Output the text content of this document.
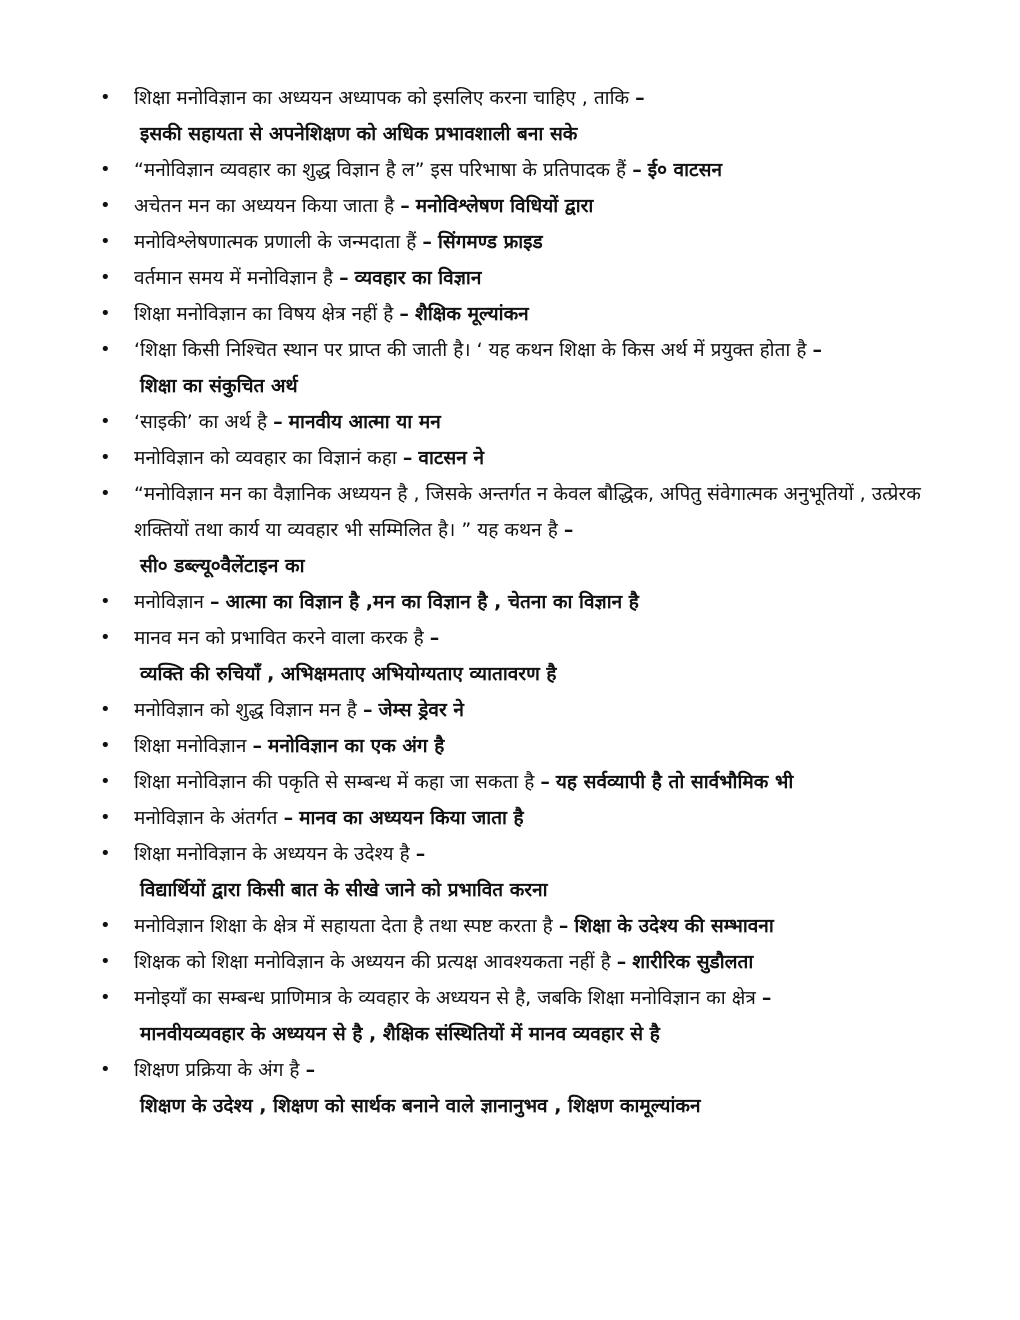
• शिक्षा मनोविज्ञान का अध्ययन अध्यापक को इसलिए करना चाहिए , ताकि –
इसकी सहायता से अपनेशिक्षण को अधिक प्रभावशाली बना सके
• “मनोविज्ञान व्यवहार का शुद्ध विज्ञान है ल” इस परिभाषा के प्रतिपादक हैं – ई० वाटसन
• अचेतन मन का अध्ययन किया जाता है – मनोविश्लेषण विधियों द्वारा
• मनोविश्लेषणात्मक प्रणाली के जन्मदाता हैं – सिंगमण्ड फ्राइड
• वर्तमान समय में मनोविज्ञान है – व्यवहार का विज्ञान
• शिक्षा मनोविज्ञान का विषय क्षेत्र नहीं है – शैक्षिक मूल्यांकन
• ‘शिक्षा किसी निश्चित स्थान पर प्राप्त की जाती है। ‘ यह कथन शिक्षा के किस अर्थ में प्रयुक्त होता है –
शिक्षा का संकुचित अर्थ
• ‘साइकी’ का अर्थ है – मानवीय आत्मा या मन
• मनोविज्ञान को व्यवहार का विज्ञानं कहा – वाटसन ने
• “मनोविज्ञान मन का वैज्ञानिक अध्ययन है , जिसके अन्तर्गत न केवल बौद्धिक, अपितु संवेगात्मक अनुभूतियों , उत्प्रेरक शक्तियों तथा कार्य या व्यवहार भी सम्मिलित है। ” यह कथन है –
सी० डब्ल्यू०वैलेंटाइन का
• मनोविज्ञान – आत्मा का विज्ञान है ,मन का विज्ञान है , चेतना का विज्ञान है
• मानव मन को प्रभावित करने वाला करक है –
व्यक्ति की रुचियाँ , अभिक्षमताए अभियोग्यताए व्यातावरण है
• मनोविज्ञान को शुद्ध विज्ञान मन है – जेम्स ड्रेवर ने
• शिक्षा मनोविज्ञान – मनोविज्ञान का एक अंग है
• शिक्षा मनोविज्ञान की पकृति से सम्बन्ध में कहा जा सकता है – यह सर्वव्यापी है तो सार्वभौमिक भी
• मनोविज्ञान के अंतर्गत – मानव का अध्ययन किया जाता है
• शिक्षा मनोविज्ञान के अध्ययन के उदेश्य है –
विद्यार्थियों द्वारा किसी बात के सीखे जाने को प्रभावित करना
• मनोविज्ञान शिक्षा के क्षेत्र में सहायता देता है तथा स्पष्ट करता है – शिक्षा के उदेश्य की सम्भावना
• शिक्षक को शिक्षा मनोविज्ञान के अध्ययन की प्रत्यक्ष आवश्यकता नहीं है – शारीरिक सुडौलता
• मनोइयाँ का सम्बन्ध प्राणिमात्र के व्यवहार के अध्ययन से है, जबकि शिक्षा मनोविज्ञान का क्षेत्र –
मानवीयव्यवहार के अध्ययन से है , शैक्षिक संस्थितियों में मानव व्यवहार से है
• शिक्षण प्रक्रिया के अंग है –
शिक्षण के उदेश्य , शिक्षण को सार्थक बनाने वाले ज्ञानानुभव , शिक्षण कामूल्यांकन
